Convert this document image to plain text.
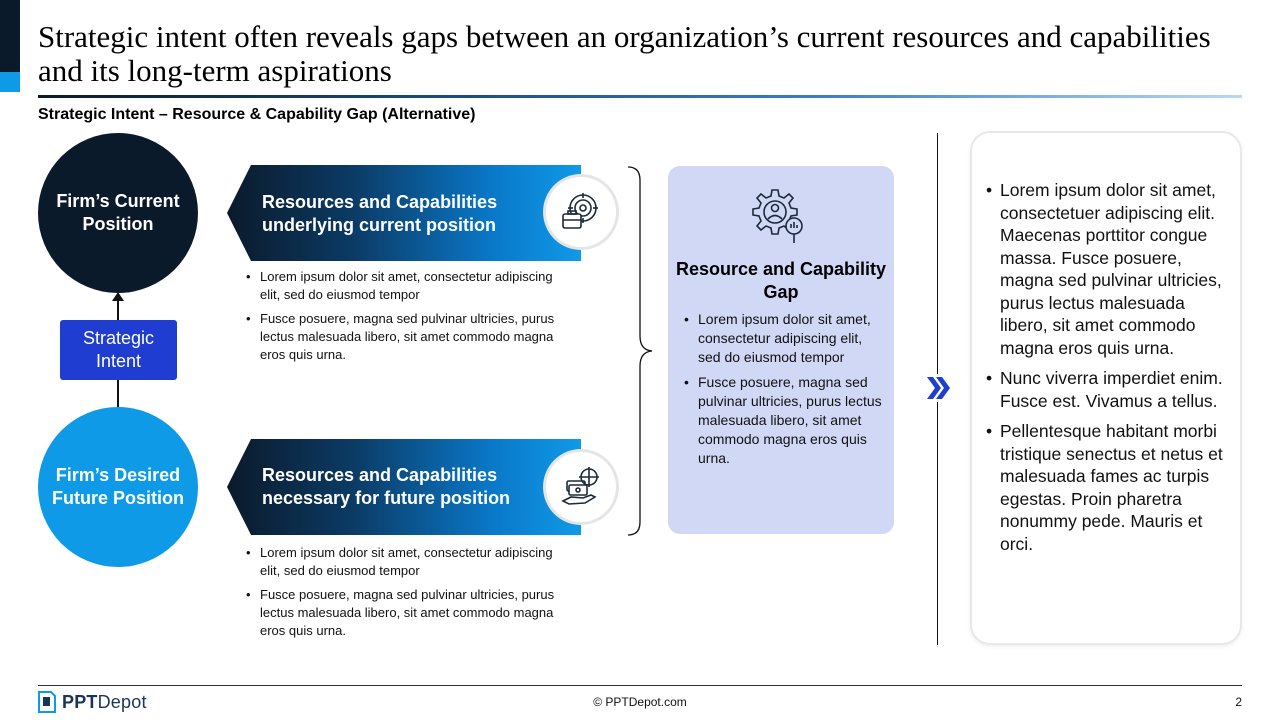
Strategic intent often reveals gaps between an organization’s current resources and capabilities and its long-term aspirations
Strategic Intent – Resource & Capability Gap (Alternative)
Firm’s Current Position
Strategic Intent
Firm’s Desired Future Position
Resources and Capabilities underlying current position
• Lorem ipsum dolor sit amet, consectetur adipiscing elit, sed do eiusmod tempor
• Fusce posuere, magna sed pulvinar ultricies, purus lectus malesuada libero, sit amet commodo magna eros quis urna.
Resources and Capabilities necessary for future position
• Lorem ipsum dolor sit amet, consectetur adipiscing elit, sed do eiusmod tempor
• Fusce posuere, magna sed pulvinar ultricies, purus lectus malesuada libero, sit amet commodo magna eros quis urna.
Resource and Capability Gap
• Lorem ipsum dolor sit amet, consectetur adipiscing elit, sed do eiusmod tempor
• Fusce posuere, magna sed pulvinar ultricies, purus lectus malesuada libero, sit amet commodo magna eros quis urna.
• Lorem ipsum dolor sit amet, consectetuer adipiscing elit. Maecenas porttitor congue massa. Fusce posuere, magna sed pulvinar ultricies, purus lectus malesuada libero, sit amet commodo magna eros quis urna.
• Nunc viverra imperdiet enim. Fusce est. Vivamus a tellus.
• Pellentesque habitant morbi tristique senectus et netus et malesuada fames ac turpis egestas. Proin pharetra nonummy pede. Mauris et orci.
PPTDepot	© PPTDepot.com	2
